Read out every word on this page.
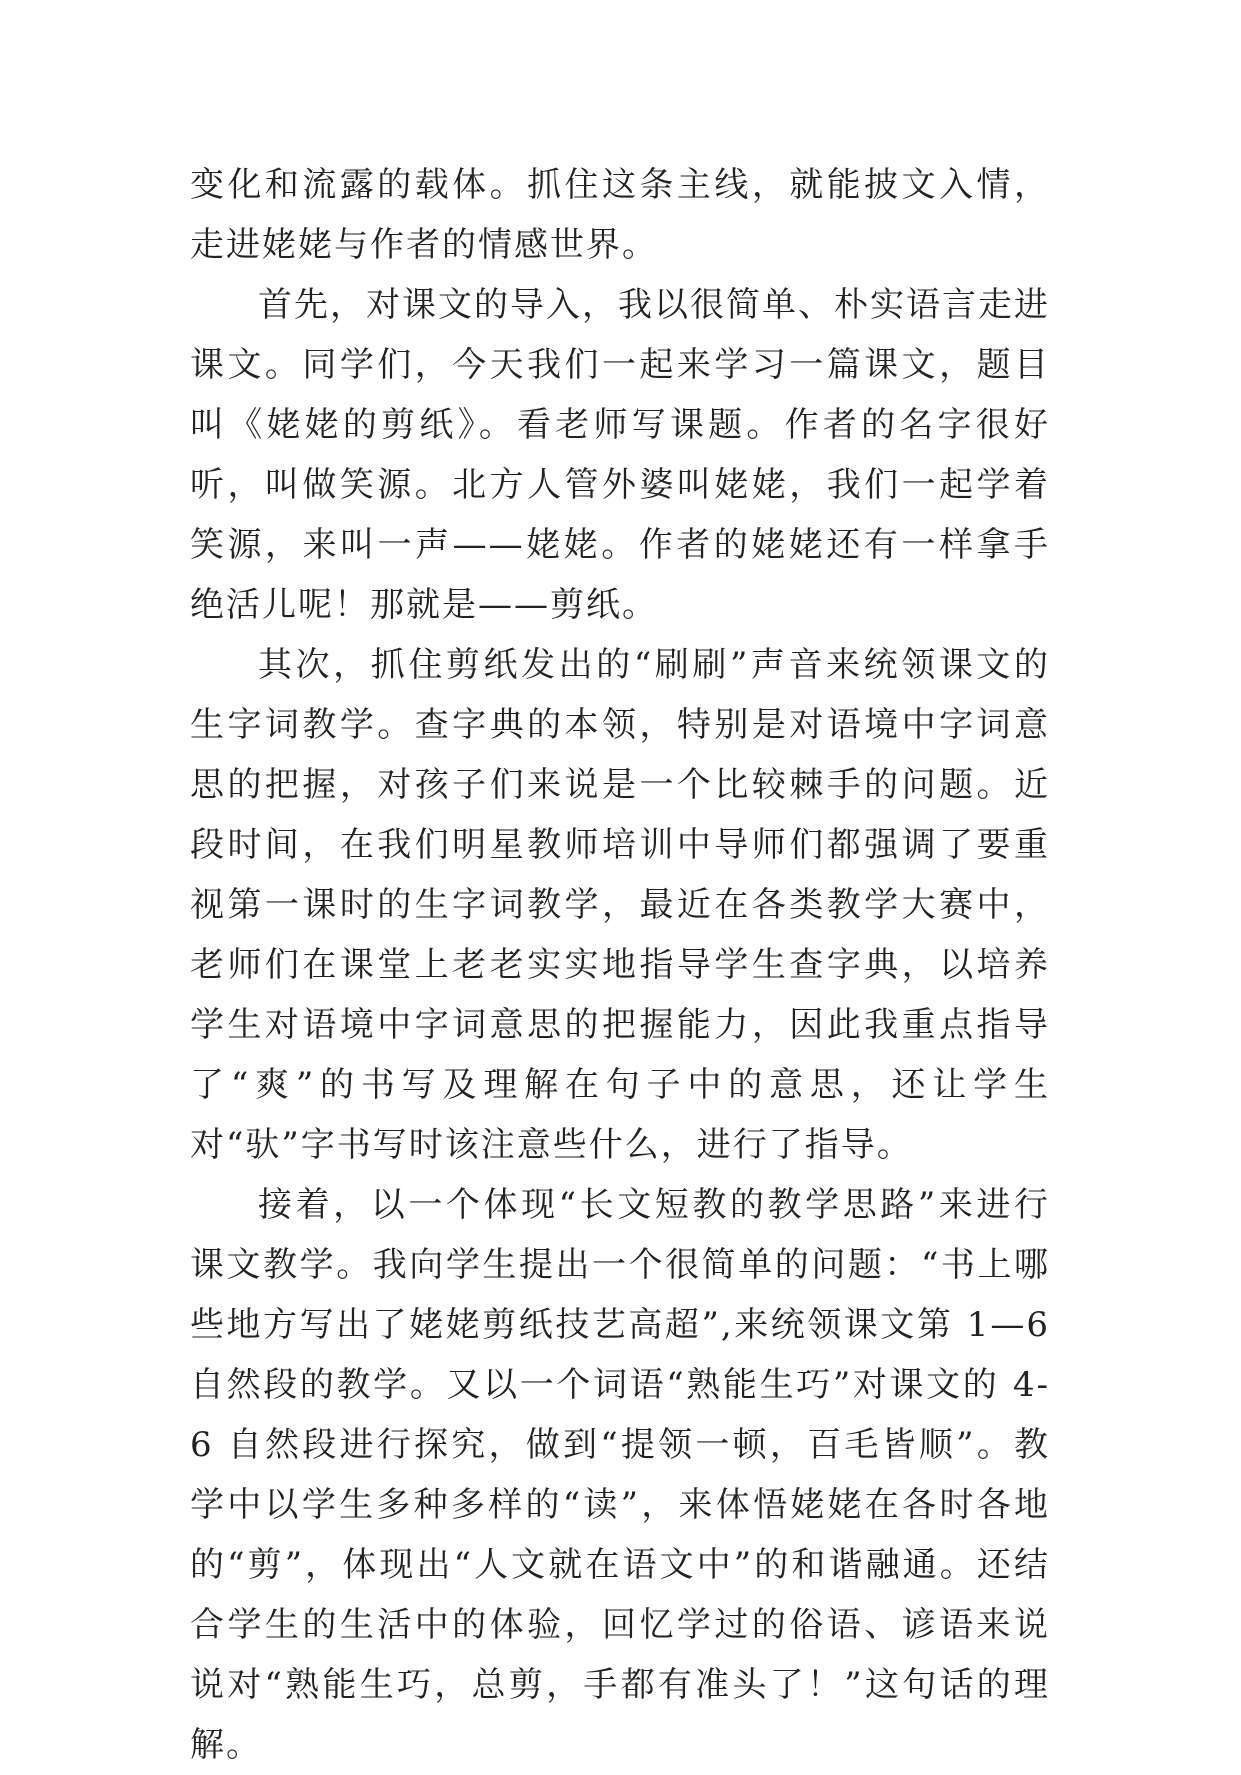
变化和流露的载体。抓住这条主线，就能披文入情，走进姥姥与作者的情感世界。

首先，对课文的导入，我以很简单、朴实语言走进课文。同学们，今天我们一起来学习一篇课文，题目叫《姥姥的剪纸》。看老师写课题。作者的名字很好听，叫做笑源。北方人管外婆叫姥姥，我们一起学着笑源，来叫一声——姥姥。作者的姥姥还有一样拿手绝活儿呢！那就是——剪纸。

其次，抓住剪纸发出的“刷刷”声音来统领课文的生字词教学。查字典的本领，特别是对语境中字词意思的把握，对孩子们来说是一个比较棘手的问题。近段时间，在我们明星教师培训中导师们都强调了要重视第一课时的生字词教学，最近在各类教学大赛中，老师们在课堂上老老实实地指导学生查字典，以培养学生对语境中字词意思的把握能力，因此我重点指导了“爽”的书写及理解在句子中的意思，还让学生对“驮”字书写时该注意些什么，进行了指导。

接着，以一个体现“长文短教的教学思路”来进行课文教学。我向学生提出一个很简单的问题：“书上哪些地方写出了姥姥剪纸技艺高超”,来统领课文第 1—6 自然段的教学。又以一个词语“熟能生巧”对课文的 4-6 自然段进行探究，做到“提领一顿，百毛皆顺”。教学中以学生多种多样的“读”，来体悟姥姥在各时各地的“剪”，体现出“人文就在语文中”的和谐融通。还结合学生的生活中的体验，回忆学过的俗语、谚语来说说对“熟能生巧，总剪，手都有准头了！”这句话的理解。
